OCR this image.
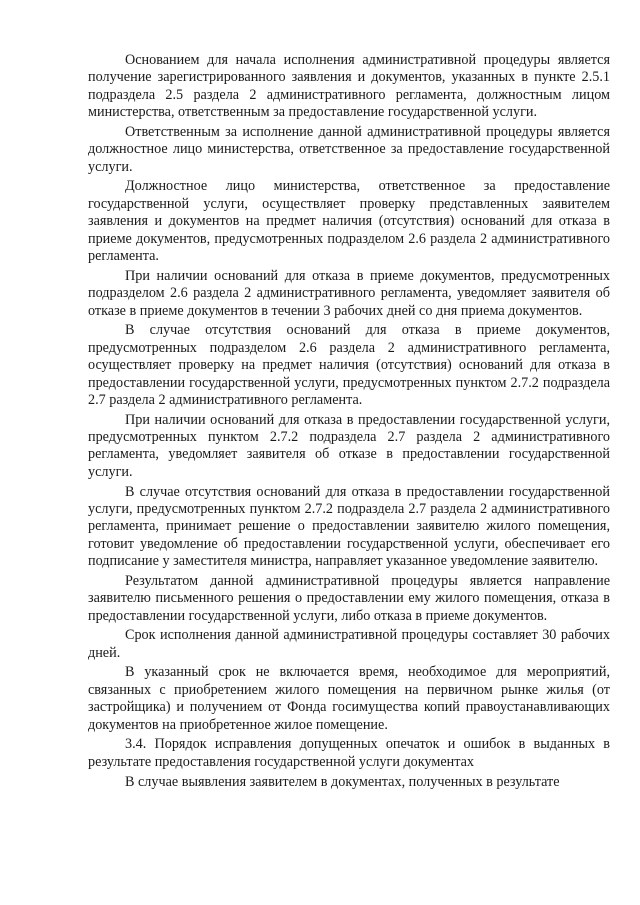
Основанием для начала исполнения административной процедуры является получение зарегистрированного заявления и документов, указанных в пункте 2.5.1 подраздела 2.5 раздела 2 административного регламента, должностным лицом министерства, ответственным за предоставление государственной услуги.

Ответственным за исполнение данной административной процедуры является должностное лицо министерства, ответственное за предоставление государственной услуги.

Должностное лицо министерства, ответственное за предоставление государственной услуги, осуществляет проверку представленных заявителем заявления и документов на предмет наличия (отсутствия) оснований для отказа в приеме документов, предусмотренных подразделом 2.6 раздела 2 административного регламента.

При наличии оснований для отказа в приеме документов, предусмотренных подразделом 2.6 раздела 2 административного регламента, уведомляет заявителя об отказе в приеме документов в течении 3 рабочих дней со дня приема документов.

В случае отсутствия оснований для отказа в приеме документов, предусмотренных подразделом 2.6 раздела 2 административного регламента, осуществляет проверку на предмет наличия (отсутствия) оснований для отказа в предоставлении государственной услуги, предусмотренных пунктом 2.7.2 подраздела 2.7 раздела 2 административного регламента.

При наличии оснований для отказа в предоставлении государственной услуги, предусмотренных пунктом 2.7.2 подраздела 2.7 раздела 2 административного регламента, уведомляет заявителя об отказе в предоставлении государственной услуги.

В случае отсутствия оснований для отказа в предоставлении государственной услуги, предусмотренных пунктом 2.7.2 подраздела 2.7 раздела 2 административного регламента, принимает решение о предоставлении заявителю жилого помещения, готовит уведомление об предоставлении государственной услуги, обеспечивает его подписание у заместителя министра, направляет указанное уведомление заявителю.

Результатом данной административной процедуры является направление заявителю письменного решения о предоставлении ему жилого помещения, отказа в предоставлении государственной услуги, либо отказа в приеме документов.

Срок исполнения данной административной процедуры составляет 30 рабочих дней.

В указанный срок не включается время, необходимое для мероприятий, связанных с приобретением жилого помещения на первичном рынке жилья (от застройщика) и получением от Фонда госимущества копий правоустанавливающих документов на приобретенное жилое помещение.

3.4. Порядок исправления допущенных опечаток и ошибок в выданных в результате предоставления государственной услуги документах

В случае выявления заявителем в документах, полученных в результате
